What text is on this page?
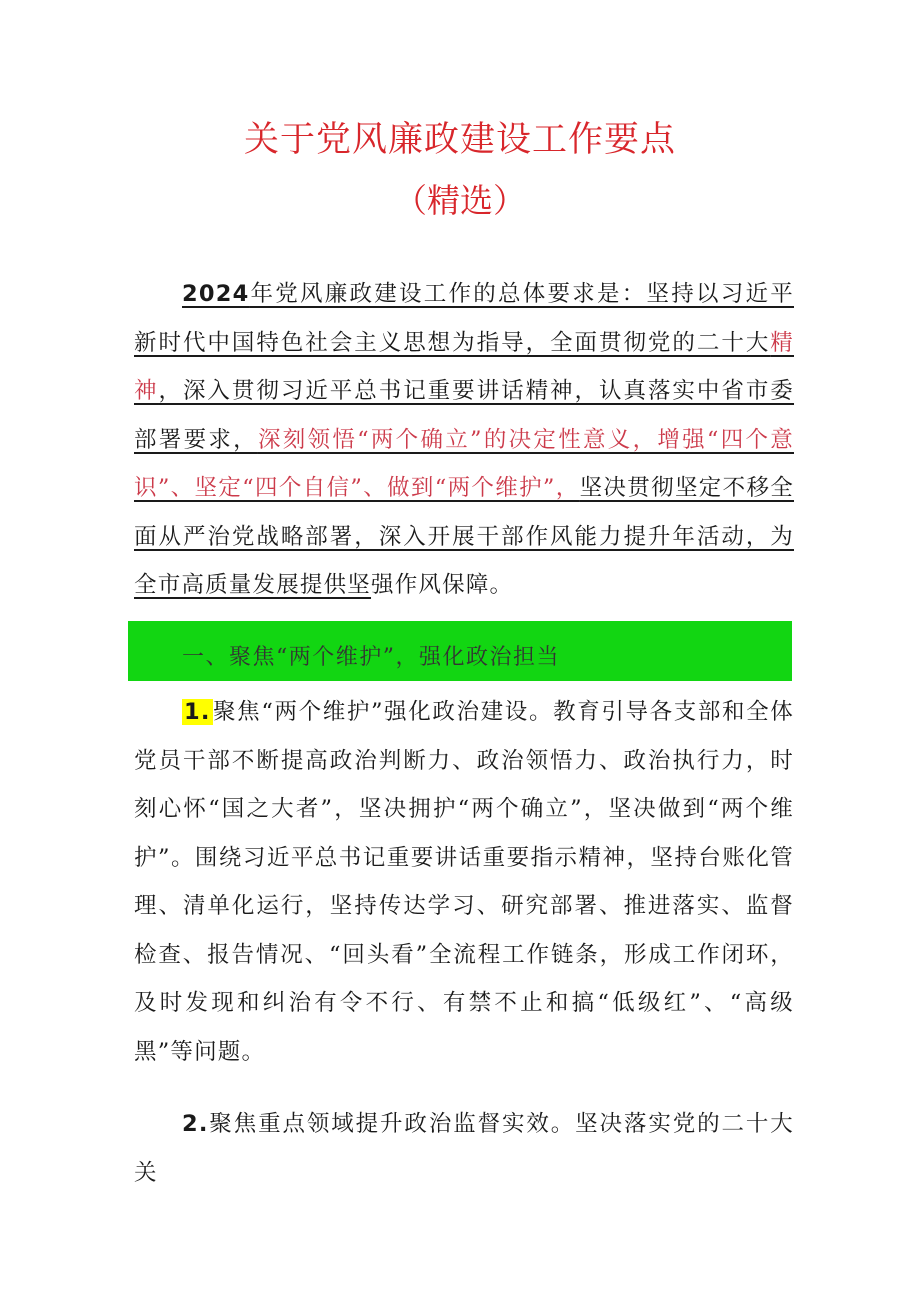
关于党风廉政建设工作要点
（精选）

2024年党风廉政建设工作的总体要求是：坚持以习近平新时代中国特色社会主义思想为指导，全面贯彻党的二十大精神，深入贯彻习近平总书记重要讲话精神，认真落实中省市委部署要求，深刻领悟“两个确立”的决定性意义，增强“四个意识”、坚定“四个自信”、做到“两个维护”，坚决贯彻坚定不移全面从严治党战略部署，深入开展干部作风能力提升年活动，为全市高质量发展提供坚强作风保障。

一、聚焦“两个维护”，强化政治担当

1.聚焦“两个维护”强化政治建设。教育引导各支部和全体党员干部不断提高政治判断力、政治领悟力、政治执行力，时刻心怀“国之大者”，坚决拥护“两个确立”，坚决做到“两个维护”。围绕习近平总书记重要讲话重要指示精神，坚持台账化管理、清单化运行，坚持传达学习、研究部署、推进落实、监督检查、报告情况、“回头看”全流程工作链条，形成工作闭环，及时发现和纠治有令不行、有禁不止和搞“低级红”、“高级黑”等问题。

2.聚焦重点领域提升政治监督实效。坚决落实党的二十大关
